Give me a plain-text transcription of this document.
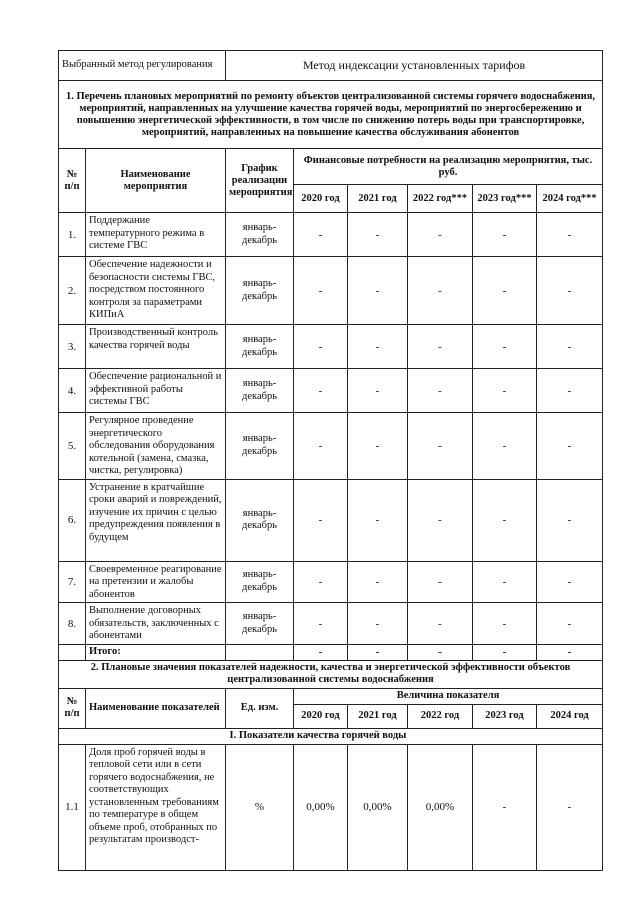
Выбранный метод регулирования		Метод индексации установленных тарифов					
1. Перечень плановых мероприятий по ремонту объектов централизованной системы горячего водоснабжения, мероприятий, направленных на улучшение качества горячей воды, мероприятий по энергосбережению и повышению энергетической эффективности, в том числе по снижению потерь воды при транспортировке, мероприятий, направленных на повышение качества обслуживания абонентов							
№ п/п	Наименование мероприятия	График реализации мероприятия	Финансовые потребности на реализацию мероприятия, тыс. руб.				
			2020 год	2021 год	2022 год***	2023 год***	2024 год***
1.	Поддержание температурного режима в системе ГВС	январь-декабрь	-	-	-	-	-
2.	Обеспечение надежности и безопасности системы ГВС, посредством постоянного контроля за параметрами КИПиА	январь-декабрь	-	-	-	-	-
3.	Производственный контроль качества горячей воды	январь-декабрь	-	-	-	-	-
4.	Обеспечение рациональной и эффективной работы системы ГВС	январь-декабрь	-	-	-	-	-
5.	Регулярное проведение энергетического обследования оборудования котельной (замена, смазка, чистка, регулировка)	январь-декабрь	-	-	-	-	-
6.	Устранение в кратчайшие сроки аварий и повреждений, изучение их причин с целью предупреждения появления в будущем	январь-декабрь	-	-	-	-	-
7.	Своевременное реагирование на претензии и жалобы абонентов	январь-декабрь	-	-	-	-	-
8.	Выполнение договорных обязательств, заключенных с абонентами	январь-декабрь	-	-	-	-	-
	Итого:		-	-	-	-	-
2. Плановые значения показателей надежности, качества и энергетической эффективности объектов централизованной системы водоснабжения							
№ п/п	Наименование показателей	Ед. изм.	Величина показателя				
			2020 год	2021 год	2022 год	2023 год	2024 год
		I. Показатели качества горячей воды					
1.1	Доля проб горячей воды в тепловой сети или в сети горячего водоснабжения, не соответствующих установленным требованиям по температуре в общем объеме проб, отобранных по результатам производст-	%	0,00%	0,00%	0,00%	-	-
